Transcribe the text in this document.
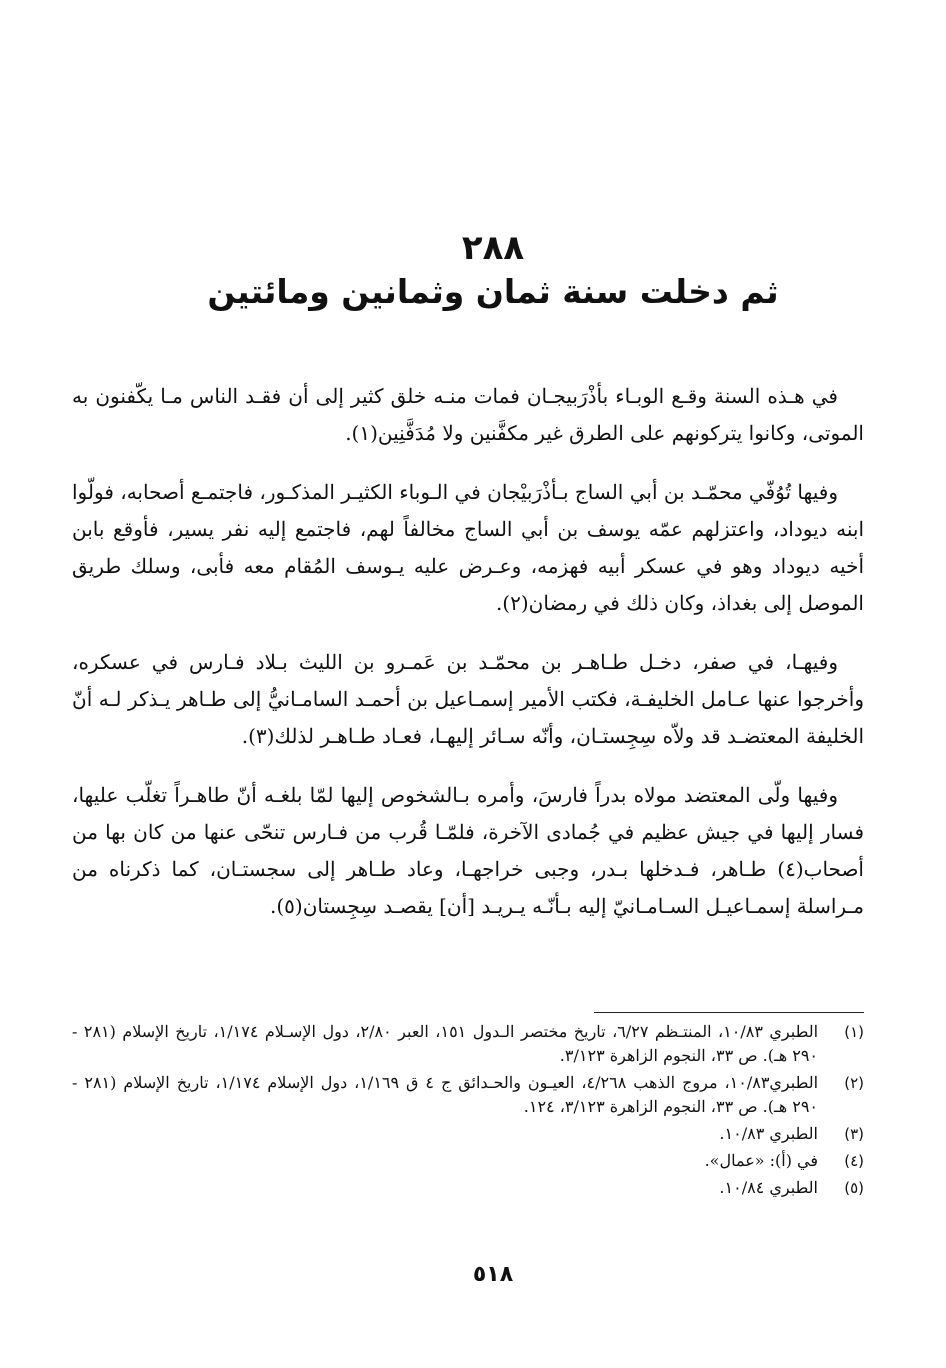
٢٨٨
ثم دخلت سنة ثمان وثمانين ومائتين

في هـذه السنة وقـع الوبـاء بأذْرَبيجـان فمات منـه خلق كثير إلى أن فقـد الناس مـا يكّفنون به الموتى، وكانوا يتركونهم على الطرق غير مكفَّنين ولا مُدَفَّنِين(١).

وفيها تُوُفّي محمّـد بن أبي الساج بـأذْرَبيْجان في الـوباء الكثيـر المذكـور، فاجتمـع أصحابه، فولّوا ابنه ديوداد، واعتزلهم عمّه يوسف بن أبي الساج مخالفاً لهم، فاجتمع إليه نفر يسير، فأوقع بابن أخيه ديوداد وهو في عسكر أبيه فهزمه، وعـرض عليه يـوسف المُقام معه فأبى، وسلك طريق الموصل إلى بغداذ، وكان ذلك في رمضان(٢).

وفيهـا، في صفر، دخـل طـاهـر بن محمّـد بن عَمـرو بن الليث بـلاد فـارس في عسكره، وأخرجوا عنها عـامل الخليفـة، فكتب الأمير إسمـاعيل بن أحمـد السامـانيُّ إلى طـاهر يـذكر لـه أنّ الخليفة المعتضـد قد ولاّه سِجِستـان، وأنّه سـائر إليهـا، فعـاد طـاهـر لذلك(٣).

وفيها ولّى المعتضد مولاه بدراً فارسَ، وأمره بـالشخوص إليها لمّا بلغـه أنّ طاهـراً تغلّب عليها، فسار إليها في جيش عظيم في جُمادى الآخرة، فلمّـا قُرب من فـارس تنحّى عنها من كان بها من أصحاب(٤) طـاهر، فـدخلها بـدر، وجبى خراجهـا، وعاد طـاهر إلى سجستـان، كما ذكرناه من مـراسلة إسمـاعيـل السـامـانيّ إليه بـأنّـه يـريـد [أن] يقصـد سِجِستان(٥).

(١)
الطبري ١٠/٨٣، المنتـظم ٦/٢٧، تاريخ مختصر الـدول ١٥١، العبر ٢/٨٠، دول الإسـلام ١/١٧٤، تاريخ الإسلام (٢٨١ - ٢٩٠ هـ). ص ٣٣، النجوم الزاهرة ٣/١٢٣.
(٢)
الطبري١٠/٨٣، مروج الذهب ٤/٢٦٨، العيـون والحـدائق ج ٤ ق ١/١٦٩، دول الإسلام ١/١٧٤، تاريخ الإسلام (٢٨١ - ٢٩٠ هـ). ص ٣٣، النجوم الزاهرة ٣/١٢٣، ١٢٤.
(٣)
الطبري ١٠/٨٣.
(٤)
في (أ): «عمال».
(٥)
الطبري ١٠/٨٤.
٥١٨
